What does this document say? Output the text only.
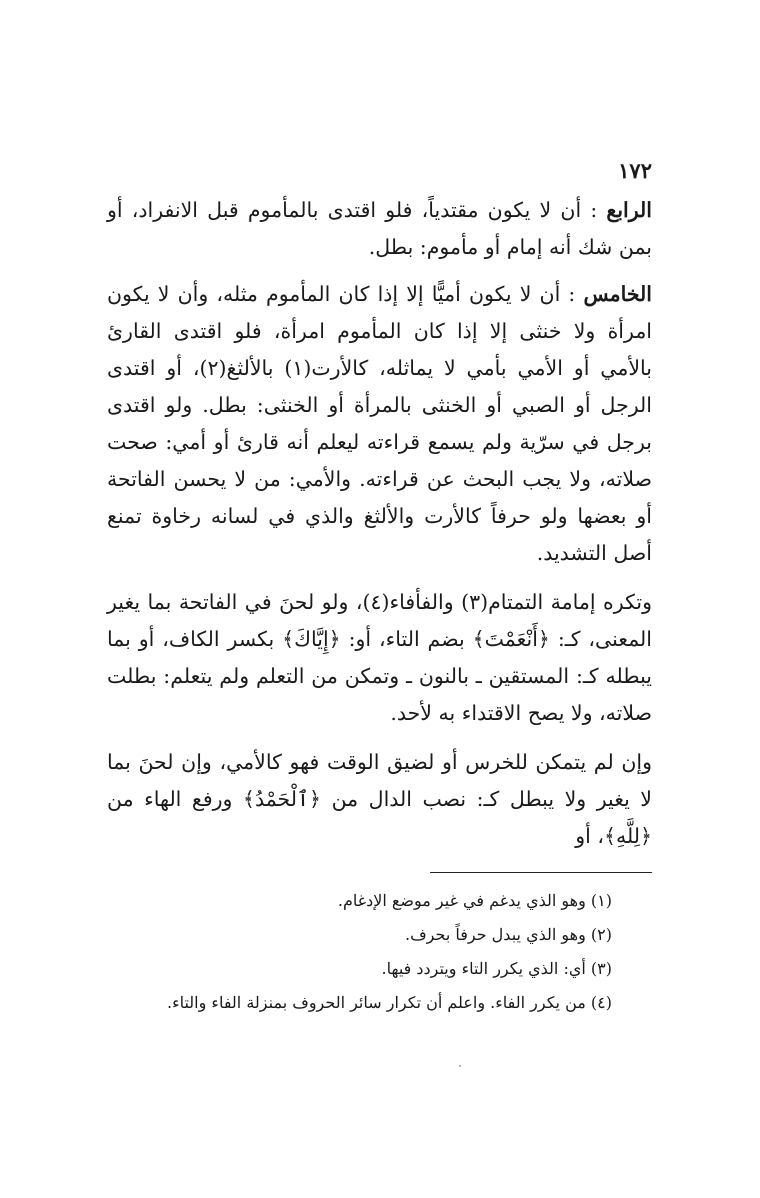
١٧٢

الرابع : أن لا يكون مقتدياً، فلو اقتدى بالمأموم قبل الانفراد، أو بمن شك أنه إمام أو مأموم: بطل.

الخامس : أن لا يكون أميًّا إلا إذا كان المأموم مثله، وأن لا يكون امرأة ولا خنثى إلا إذا كان المأموم امرأة، فلو اقتدى القارئ بالأمي أو الأمي بأمي لا يماثله، كالأرت(١) بالألثغ(٢)، أو اقتدى الرجل أو الصبي أو الخنثى بالمرأة أو الخنثى: بطل. ولو اقتدى برجل في سرّية ولم يسمع قراءته ليعلم أنه قارئ أو أمي: صحت صلاته، ولا يجب البحث عن قراءته. والأمي: من لا يحسن الفاتحة أو بعضها ولو حرفاً كالأرت والألثغ والذي في لسانه رخاوة تمنع أصل التشديد.

وتكره إمامة التمتام(٣) والفأفاء(٤)، ولو لحنَ في الفاتحة بما يغير المعنى، كـ: ﴿أَنْعَمْتَ﴾ بضم التاء، أو: ﴿إِيَّاكَ﴾ بكسر الكاف، أو بما يبطله كـ: المستقين ـ بالنون ـ وتمكن من التعلم ولم يتعلم: بطلت صلاته، ولا يصح الاقتداء به لأحد.

وإن لم يتمكن للخرس أو لضيق الوقت فهو كالأمي، وإن لحنَ بما لا يغير ولا يبطل كـ: نصب الدال من ﴿ٱلْحَمْدُ﴾ ورفع الهاء من ﴿لِلَّهِ﴾، أو

(١) وهو الذي يدغم في غير موضع الإدغام.
(٢) وهو الذي يبدل حرفاً بحرف.
(٣) أي: الذي يكرر التاء ويتردد فيها.
(٤) من يكرر الفاء. واعلم أن تكرار سائر الحروف بمنزلة الفاء والتاء.
